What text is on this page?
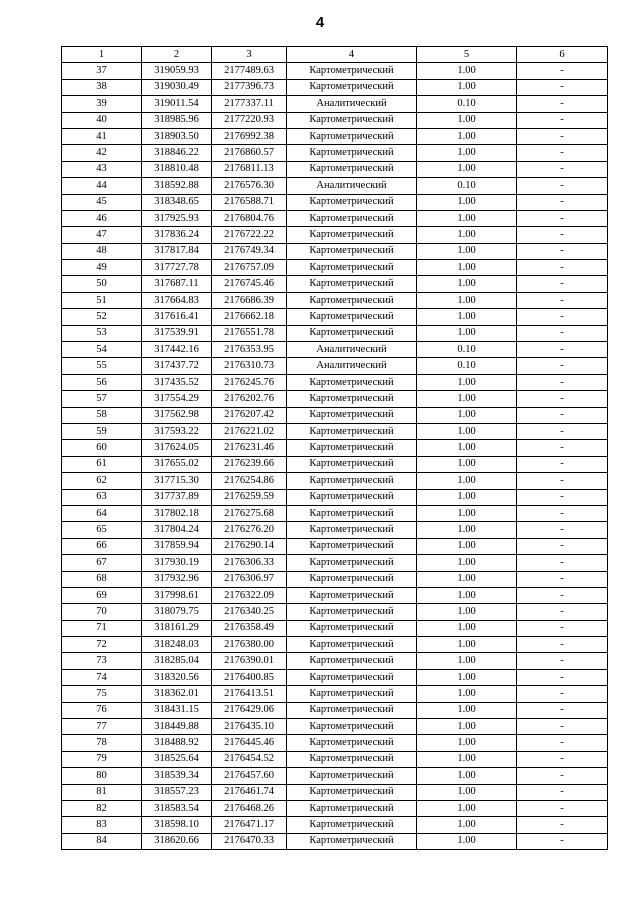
4
1	2	3	4	5	6
37	319059.93	2177489.63	Картометрический	1.00	-
38	319030.49	2177396.73	Картометрический	1.00	-
39	319011.54	2177337.11	Аналитический	0.10	-
40	318985.96	2177220.93	Картометрический	1.00	-
41	318903.50	2176992.38	Картометрический	1.00	-
42	318846.22	2176860.57	Картометрический	1.00	-
43	318810.48	2176811.13	Картометрический	1.00	-
44	318592.88	2176576.30	Аналитический	0.10	-
45	318348.65	2176588.71	Картометрический	1.00	-
46	317925.93	2176804.76	Картометрический	1.00	-
47	317836.24	2176722.22	Картометрический	1.00	-
48	317817.84	2176749.34	Картометрический	1.00	-
49	317727.78	2176757.09	Картометрический	1.00	-
50	317687.11	2176745.46	Картометрический	1.00	-
51	317664.83	2176686.39	Картометрический	1.00	-
52	317616.41	2176662.18	Картометрический	1.00	-
53	317539.91	2176551.78	Картометрический	1.00	-
54	317442.16	2176353.95	Аналитический	0.10	-
55	317437.72	2176310.73	Аналитический	0.10	-
56	317435.52	2176245.76	Картометрический	1.00	-
57	317554.29	2176202.76	Картометрический	1.00	-
58	317562.98	2176207.42	Картометрический	1.00	-
59	317593.22	2176221.02	Картометрический	1.00	-
60	317624.05	2176231.46	Картометрический	1.00	-
61	317655.02	2176239.66	Картометрический	1.00	-
62	317715.30	2176254.86	Картометрический	1.00	-
63	317737.89	2176259.59	Картометрический	1.00	-
64	317802.18	2176275.68	Картометрический	1.00	-
65	317804.24	2176276.20	Картометрический	1.00	-
66	317859.94	2176290.14	Картометрический	1.00	-
67	317930.19	2176306.33	Картометрический	1.00	-
68	317932.96	2176306.97	Картометрический	1.00	-
69	317998.61	2176322.09	Картометрический	1.00	-
70	318079.75	2176340.25	Картометрический	1.00	-
71	318161.29	2176358.49	Картометрический	1.00	-
72	318248.03	2176380.00	Картометрический	1.00	-
73	318285.04	2176390.01	Картометрический	1.00	-
74	318320.56	2176400.85	Картометрический	1.00	-
75	318362.01	2176413.51	Картометрический	1.00	-
76	318431.15	2176429.06	Картометрический	1.00	-
77	318449.88	2176435.10	Картометрический	1.00	-
78	318488.92	2176445.46	Картометрический	1.00	-
79	318525.64	2176454.52	Картометрический	1.00	-
80	318539.34	2176457.60	Картометрический	1.00	-
81	318557.23	2176461.74	Картометрический	1.00	-
82	318583.54	2176468.26	Картометрический	1.00	-
83	318598.10	2176471.17	Картометрический	1.00	-
84	318620.66	2176470.33	Картометрический	1.00	-
